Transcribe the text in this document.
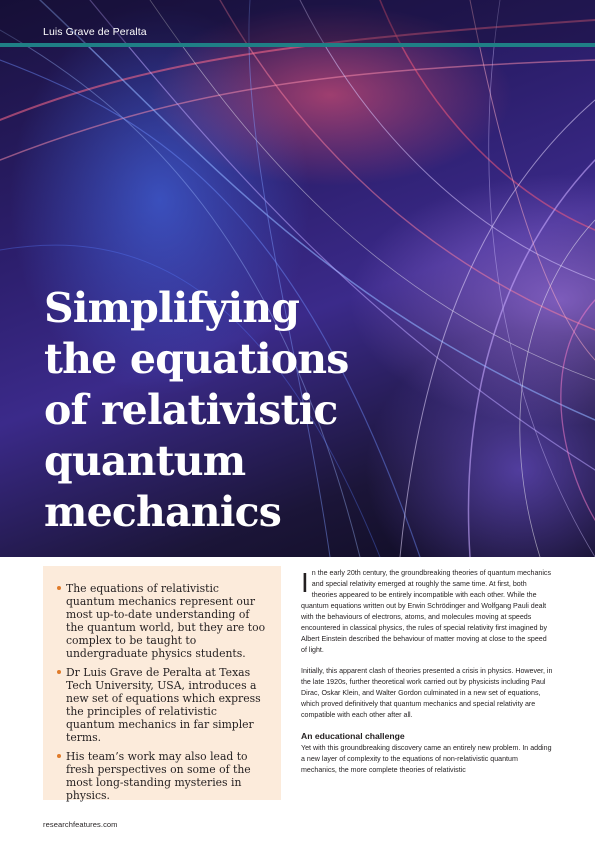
Luis Grave de Peralta
Simplifying
the equations
of relativistic
quantum
mechanics
The equations of relativistic quantum mechanics represent our most up-to-date understanding of the quantum world, but they are too complex to be taught to undergraduate physics students.
Dr Luis Grave de Peralta at Texas Tech University, USA, introduces a new set of equations which express the principles of relativistic quantum mechanics in far simpler terms.
His team’s work may also lead to fresh perspectives on some of the most long-standing mysteries in physics.

In the early 20th century, the groundbreaking theories of quantum mechanics and special relativity emerged at roughly the same time. At first, both theories appeared to be entirely incompatible with each other. While the quantum equations written out by Erwin Schrödinger and Wolfgang Pauli dealt with the behaviours of electrons, atoms, and molecules moving at speeds encountered in classical physics, the rules of special relativity first imagined by Albert Einstein described the behaviour of matter moving at close to the speed of light.

Initially, this apparent clash of theories presented a crisis in physics. However, in the late 1920s, further theoretical work carried out by physicists including Paul Dirac, Oskar Klein, and Walter Gordon culminated in a new set of equations, which proved definitively that quantum mechanics and special relativity are compatible with each other after all.

An educational challenge

Yet with this groundbreaking discovery came an entirely new problem. In adding a new layer of complexity to the equations of non-relativistic quantum mechanics, the more complete theories of relativistic

researchfeatures.com
